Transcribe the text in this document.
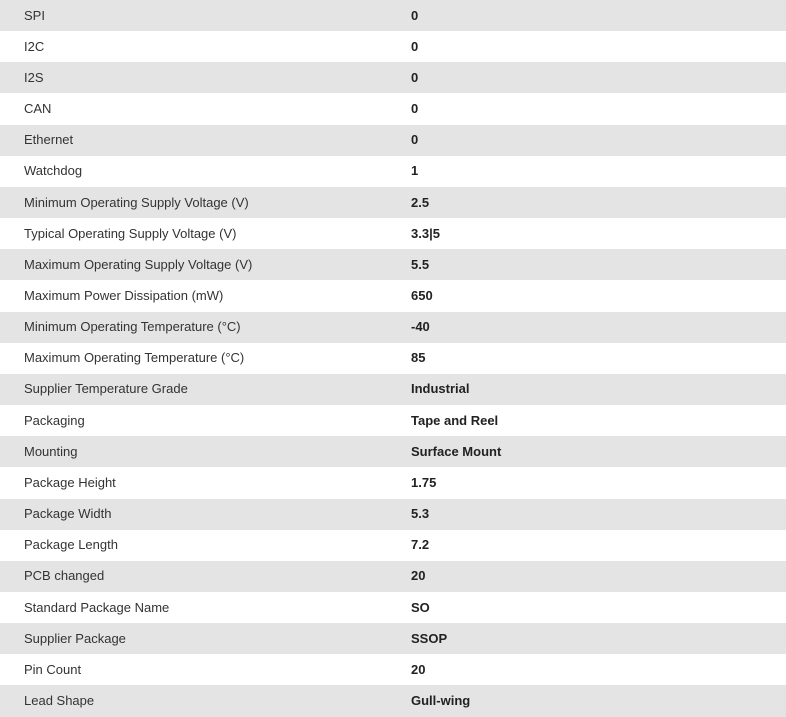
SPI	0
I2C	0
I2S	0
CAN	0
Ethernet	0
Watchdog	1
Minimum Operating Supply Voltage (V)	2.5
Typical Operating Supply Voltage (V)	3.3|5
Maximum Operating Supply Voltage (V)	5.5
Maximum Power Dissipation (mW)	650
Minimum Operating Temperature (°C)	-40
Maximum Operating Temperature (°C)	85
Supplier Temperature Grade	Industrial
Packaging	Tape and Reel
Mounting	Surface Mount
Package Height	1.75
Package Width	5.3
Package Length	7.2
PCB changed	20
Standard Package Name	SO
Supplier Package	SSOP
Pin Count	20
Lead Shape	Gull-wing
